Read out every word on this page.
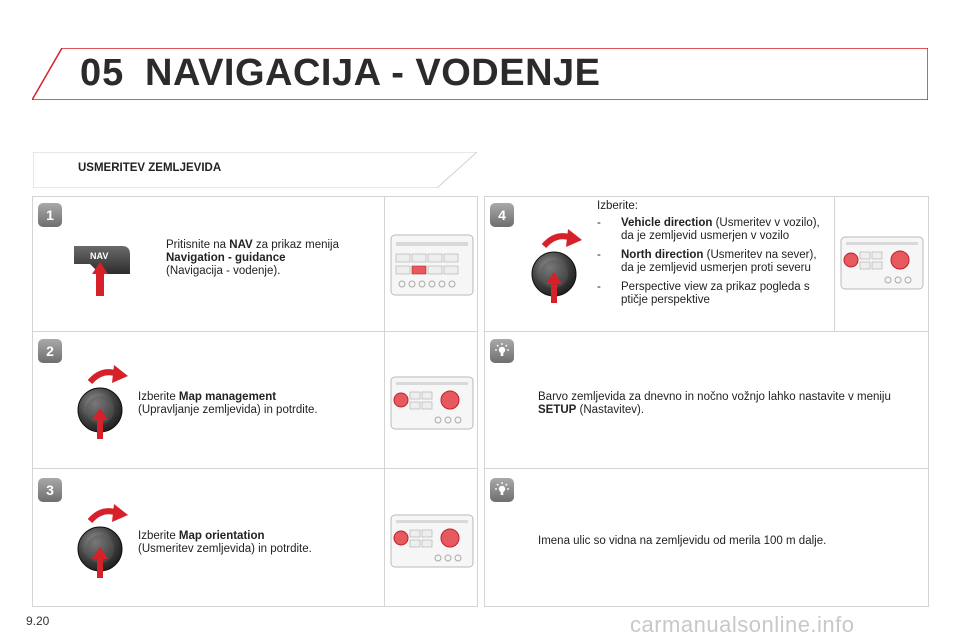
05 NAVIGACIJA - VODENJE
USMERITEV ZEMLJEVIDA
1
2
3
4
NAV
Pritisnite na NAV za prikaz menija
Navigation - guidance
(Navigacija - vodenje).
Izberite Map management
(Upravljanje zemljevida) in potrdite.
Izberite Map orientation
(Usmeritev zemljevida) in potrdite.
Izberite:
- Vehicle direction (Usmeritev v vozilo), da je zemljevid usmerjen v vozilo
- North direction (Usmeritev na sever), da je zemljevid usmerjen proti severu
- Perspective view za prikaz pogleda s ptičje perspektive
Barvo zemljevida za dnevno in nočno vožnjo lahko nastavite v meniju SETUP (Nastavitev).
Imena ulic so vidna na zemljevidu od merila 100 m dalje.
9.20	carmanualsonline.info
